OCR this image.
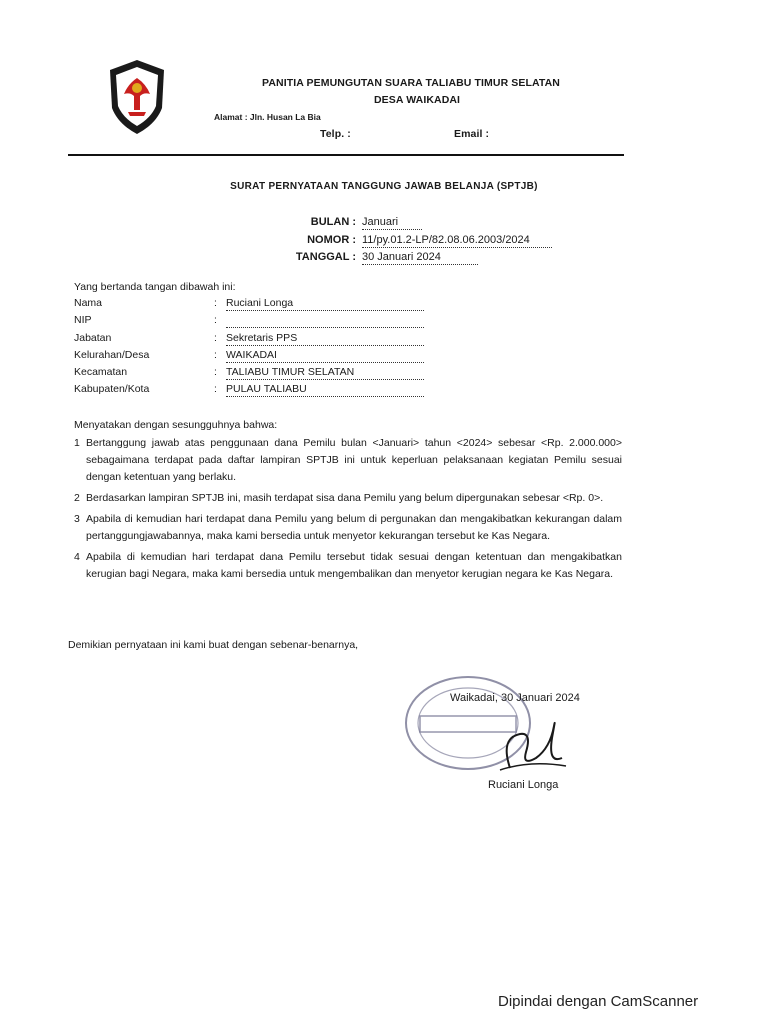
PANITIA PEMUNGUTAN SUARA TALIABU TIMUR SELATAN
DESA WAIKADAI
Alamat : Jln. Husan La Bia
Telp. :	Email :
SURAT PERNYATAAN TANGGUNG JAWAB BELANJA (SPTJB)
BULAN : Januari
NOMOR : 11/py.01.2-LP/82.08.06.2003/2024
TANGGAL : 30 Januari 2024
Yang bertanda tangan dibawah ini:
Nama	: Ruciani Longa
NIP	:
Jabatan	: Sekretaris PPS
Kelurahan/Desa	: WAIKADAI
Kecamatan	: TALIABU TIMUR SELATAN
Kabupaten/Kota	: PULAU TALIABU
Menyatakan dengan sesungguhnya bahwa:
1 Bertanggung jawab atas penggunaan dana Pemilu bulan <Januari> tahun <2024> sebesar <Rp. 2.000.000> sebagaimana terdapat pada daftar lampiran SPTJB ini untuk keperluan pelaksanaan kegiatan Pemilu sesuai dengan ketentuan yang berlaku.
2 Berdasarkan lampiran SPTJB ini, masih terdapat sisa dana Pemilu yang belum dipergunakan sebesar <Rp. 0>.
3 Apabila di kemudian hari terdapat dana Pemilu yang belum di pergunakan dan mengakibatkan kekurangan dalam pertanggungjawabannya, maka kami bersedia untuk menyetor kekurangan tersebut ke Kas Negara.
4 Apabila di kemudian hari terdapat dana Pemilu tersebut tidak sesuai dengan ketentuan dan mengakibatkan kerugian bagi Negara, maka kami bersedia untuk mengembalikan dan menyetor kerugian negara ke Kas Negara.
Demikian pernyataan ini kami buat dengan sebenar-benarnya,
Waikadai, 30 Januari 2024
Ruciani Longa
Dipindai dengan CamScanner
